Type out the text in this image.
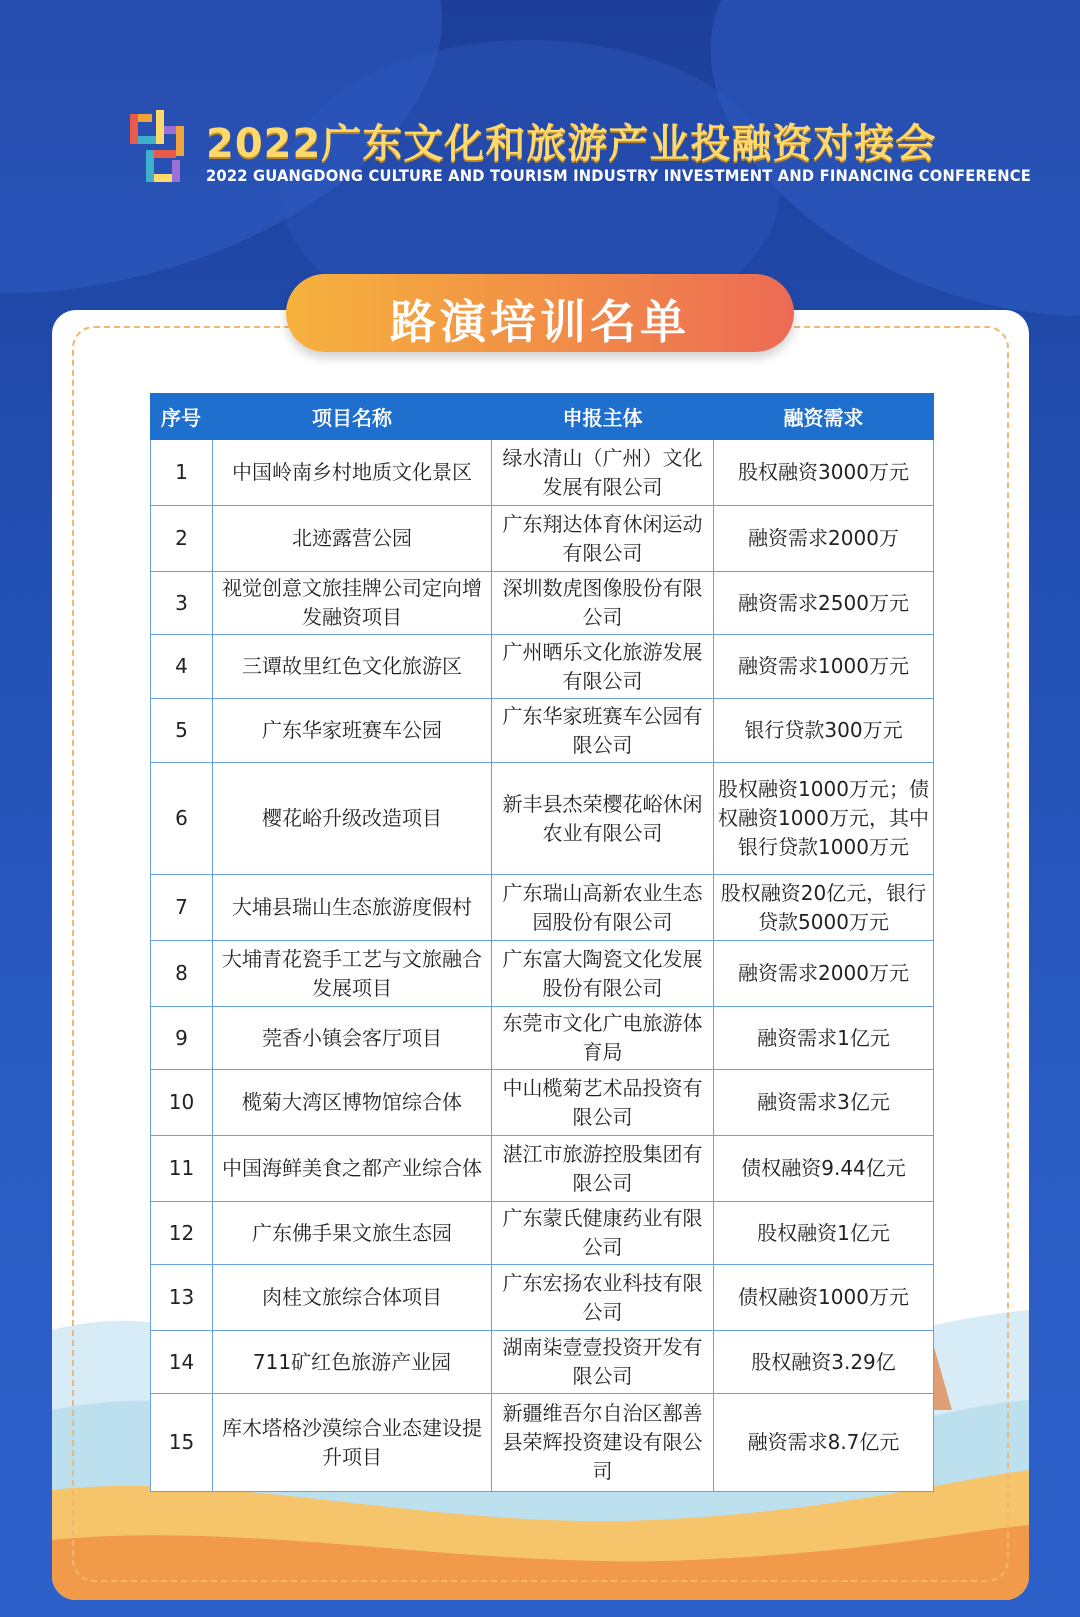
2022广东文化和旅游产业投融资对接会
2022 GUANGDONG CULTURE AND TOURISM INDUSTRY INVESTMENT AND FINANCING CONFERENCE
路演培训名单
序号	项目名称	申报主体	融资需求
1	中国岭南乡村地质文化景区	绿水清山（广州）文化发展有限公司	股权融资3000万元
2	北迹露营公园	广东翔达体育休闲运动有限公司	融资需求2000万
3	视觉创意文旅挂牌公司定向增发融资项目	深圳数虎图像股份有限公司	融资需求2500万元
4	三谭故里红色文化旅游区	广州晒乐文化旅游发展有限公司	融资需求1000万元
5	广东华家班赛车公园	广东华家班赛车公园有限公司	银行贷款300万元
6	樱花峪升级改造项目	新丰县杰荣樱花峪休闲农业有限公司	股权融资1000万元；债权融资1000万元，其中银行贷款1000万元
7	大埔县瑞山生态旅游度假村	广东瑞山高新农业生态园股份有限公司	股权融资20亿元，银行贷款5000万元
8	大埔青花瓷手工艺与文旅融合发展项目	广东富大陶瓷文化发展股份有限公司	融资需求2000万元
9	莞香小镇会客厅项目	东莞市文化广电旅游体育局	融资需求1亿元
10	榄菊大湾区博物馆综合体	中山榄菊艺术品投资有限公司	融资需求3亿元
11	中国海鲜美食之都产业综合体	湛江市旅游控股集团有限公司	债权融资9.44亿元
12	广东佛手果文旅生态园	广东蒙氏健康药业有限公司	股权融资1亿元
13	肉桂文旅综合体项目	广东宏扬农业科技有限公司	债权融资1000万元
14	711矿红色旅游产业园	湖南柒壹壹投资开发有限公司	股权融资3.29亿
15	库木塔格沙漠综合业态建设提升项目	新疆维吾尔自治区鄯善县荣辉投资建设有限公司	融资需求8.7亿元
